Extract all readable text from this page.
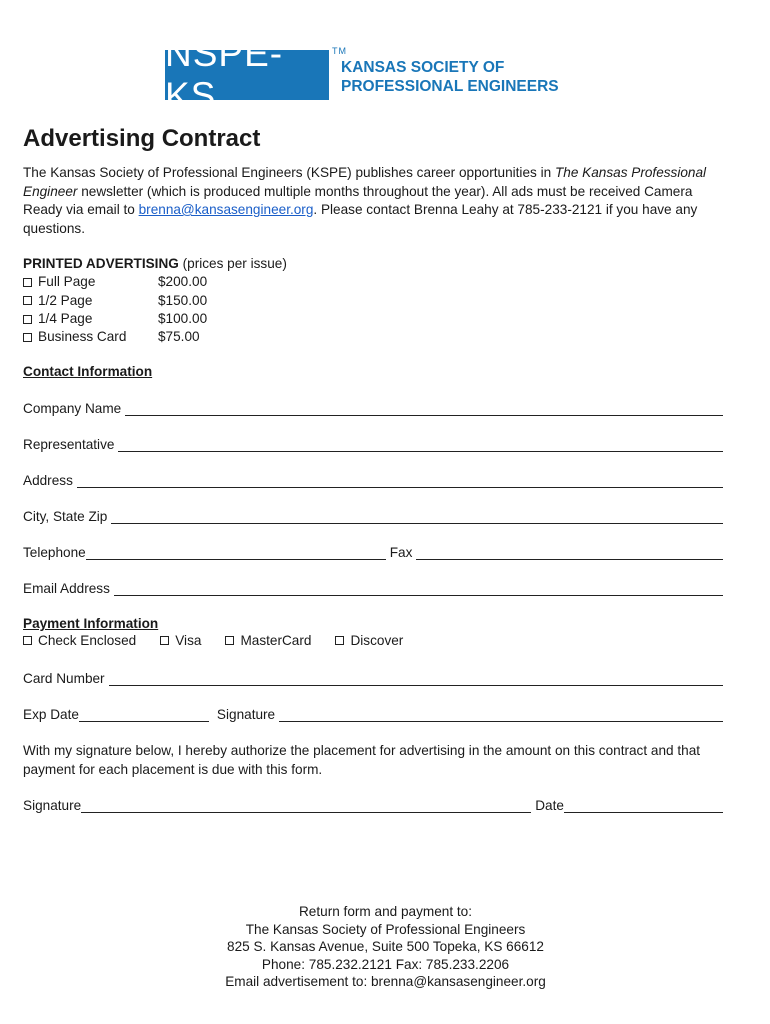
NSPE-KS
TM
KANSAS SOCIETY OF
PROFESSIONAL ENGINEERS
Advertising Contract
The Kansas Society of Professional Engineers (KSPE) publishes career opportunities in The Kansas Professional Engineer newsletter (which is produced multiple months throughout the year). All ads must be received Camera Ready via email to brenna@kansasengineer.org. Please contact Brenna Leahy at 785-233-2121 if you have any questions.
PRINTED ADVERTISING (prices per issue)
Full Page	$200.00
1/2 Page	$150.00
1/4 Page	$100.00
Business Card $75.00
Contact Information
Company Name
Representative
Address
City, State Zip
Telephone	Fax
Email Address
Payment Information
Check Enclosed	Visa	MasterCard	Discover
Card Number
Exp Date	Signature
With my signature below, I hereby authorize the placement for advertising in the amount on this contract and that payment for each placement is due with this form.
Signature	Date
Return form and payment to:
The Kansas Society of Professional Engineers
825 S. Kansas Avenue, Suite 500 Topeka, KS 66612
Phone: 785.232.2121 Fax: 785.233.2206
Email advertisement to: brenna@kansasengineer.org
